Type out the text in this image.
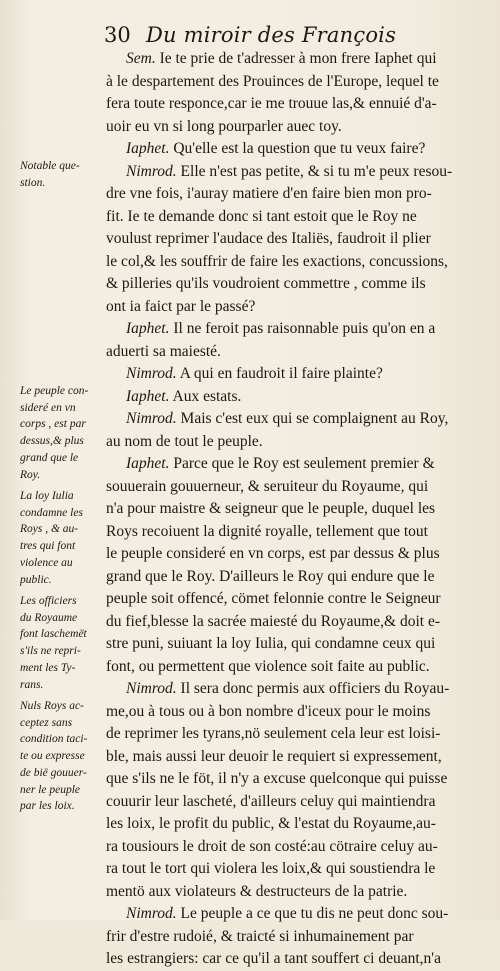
30 Du miroir des François
Sem. Ie te prie de t'adresser à mon frere Iaphet qui
à le despartement des Prouinces de l'Europe, lequel te
fera toute responce,car ie me trouue las,& ennuié d'a-
uoir eu vn si long pourparler auec toy.
Iaphet. Qu'elle est la question que tu veux faire?
Nimrod. Elle n'est pas petite, & si tu m'e peux resou-
dre vne fois, i'auray matiere d'en faire bien mon pro-
fit. Ie te demande donc si tant estoit que le Roy ne
voulust reprimer l'audace des Italiës, faudroit il plier
le col,& les souffrir de faire les exactions, concussions,
& pilleries qu'ils voudroient commettre , comme ils
ont ia faict par le passé?
Iaphet. Il ne feroit pas raisonnable puis qu'on en a
aduerti sa maiesté.
Nimrod. A qui en faudroit il faire plainte?
Iaphet. Aux estats.
Nimrod. Mais c'est eux qui se complaignent au Roy,
au nom de tout le peuple.
Iaphet. Parce que le Roy est seulement premier &
souuerain gouuerneur, & seruiteur du Royaume, qui
n'a pour maistre & seigneur que le peuple, duquel les
Roys recoiuent la dignité royalle, tellement que tout
le peuple consideré en vn corps, est par dessus & plus
grand que le Roy. D'ailleurs le Roy qui endure que le
peuple soit offencé, cömet felonnie contre le Seigneur
du fief,blesse la sacrée maiesté du Royaume,& doit e-
stre puni, suiuant la loy Iulia, qui condamne ceux qui
font, ou permettent que violence soit faite au public.
Nimrod. Il sera donc permis aux officiers du Royau-
me,ou à tous ou à bon nombre d'iceux pour le moins
de reprimer les tyrans,nö seulement cela leur est loisi-
ble, mais aussi leur deuoir le requiert si expressement,
que s'ils ne le föt, il n'y a excuse quelconque qui puisse
couurir leur lascheté, d'ailleurs celuy qui maintiendra
les loix, le profit du public, & l'estat du Royaume,au-
ra tousiours le droit de son costé:au cötraire celuy au-
ra tout le tort qui violera les loix,& qui soustiendra le
mentö aux violateurs & destructeurs de la patrie.
Nimrod. Le peuple a ce que tu dis ne peut donc sou-
frir d'estre rudoié, & traicté si inhumainement par
les estrangiers: car ce qu'il a tant souffert ci deuant,n'a
Notable que-
stion.
Le peuple con-
sideré en vn
corps , est par
dessus,& plus
grand que le
Roy.
La loy Iulia
condamne les
Roys , & au-
tres qui font
violence au
public.
Les officiers
du Royaume
font laschemët
s'ils ne repri-
ment les Ty-
rans.
Nuls Roys ac-
ceptez sans
condition taci-
te ou expresse
de bië gouuer-
ner le peuple
par les loix.
